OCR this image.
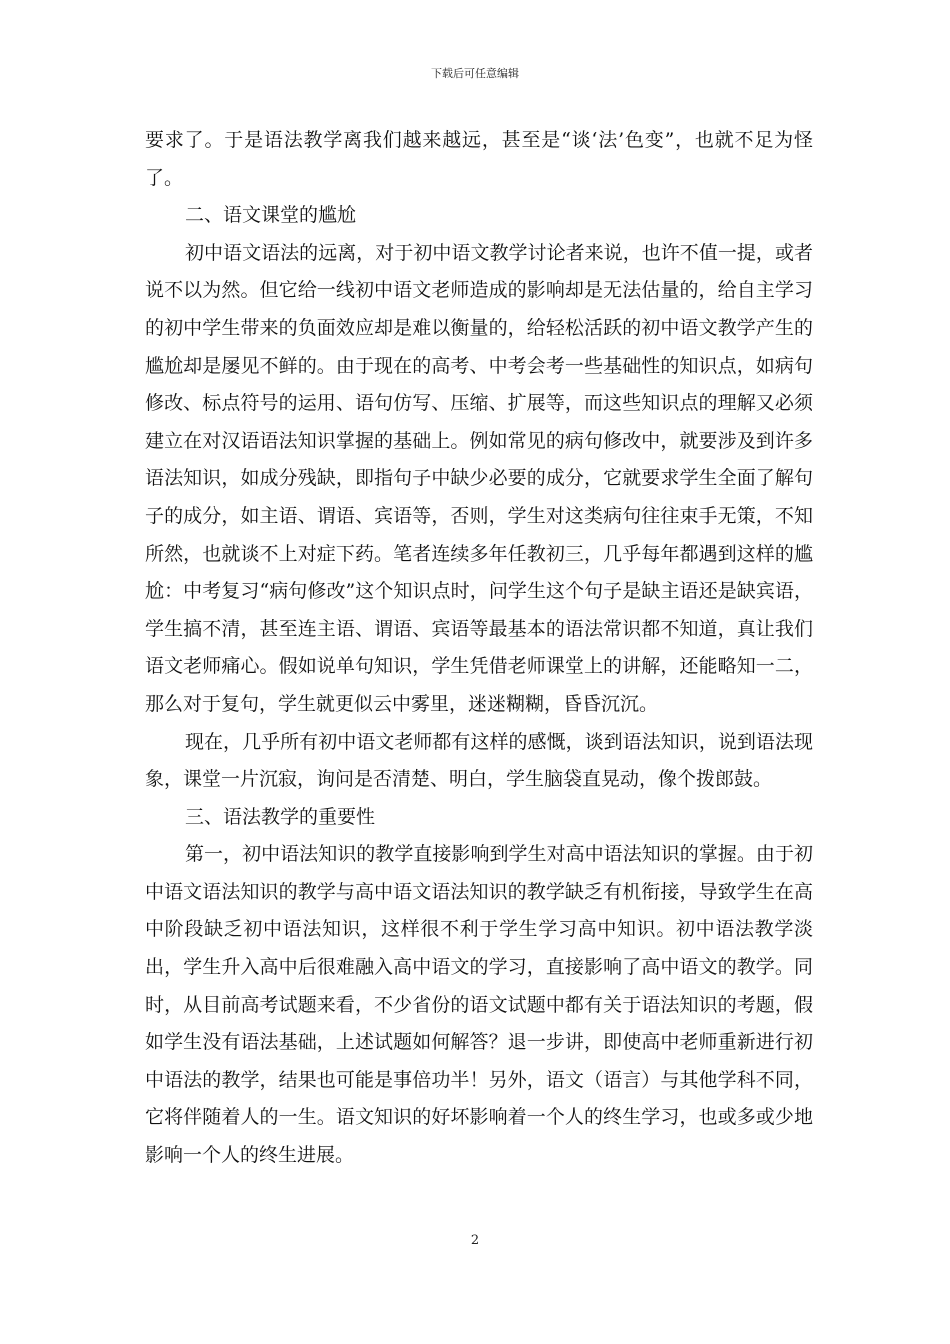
下载后可任意编辑

要求了。于是语法教学离我们越来越远，甚至是“谈‘法’色变”，也就不足为怪了。

二、语文课堂的尴尬

初中语文语法的远离，对于初中语文教学讨论者来说，也许不值一提，或者说不以为然。但它给一线初中语文老师造成的影响却是无法估量的，给自主学习的初中学生带来的负面效应却是难以衡量的，给轻松活跃的初中语文教学产生的尴尬却是屡见不鲜的。由于现在的高考、中考会考一些基础性的知识点，如病句修改、标点符号的运用、语句仿写、压缩、扩展等，而这些知识点的理解又必须建立在对汉语语法知识掌握的基础上。例如常见的病句修改中，就要涉及到许多语法知识，如成分残缺，即指句子中缺少必要的成分，它就要求学生全面了解句子的成分，如主语、谓语、宾语等，否则，学生对这类病句往往束手无策，不知所然，也就谈不上对症下药。笔者连续多年任教初三，几乎每年都遇到这样的尴尬：中考复习“病句修改”这个知识点时，问学生这个句子是缺主语还是缺宾语，学生搞不清，甚至连主语、谓语、宾语等最基本的语法常识都不知道，真让我们语文老师痛心。假如说单句知识，学生凭借老师课堂上的讲解，还能略知一二，那么对于复句，学生就更似云中雾里，迷迷糊糊，昏昏沉沉。

现在，几乎所有初中语文老师都有这样的感慨，谈到语法知识，说到语法现象，课堂一片沉寂，询问是否清楚、明白，学生脑袋直晃动，像个拨郎鼓。

三、语法教学的重要性

第一，初中语法知识的教学直接影响到学生对高中语法知识的掌握。由于初中语文语法知识的教学与高中语文语法知识的教学缺乏有机衔接，导致学生在高中阶段缺乏初中语法知识，这样很不利于学生学习高中知识。初中语法教学淡出，学生升入高中后很难融入高中语文的学习，直接影响了高中语文的教学。同时，从目前高考试题来看，不少省份的语文试题中都有关于语法知识的考题，假如学生没有语法基础，上述试题如何解答？退一步讲，即使高中老师重新进行初中语法的教学，结果也可能是事倍功半！另外，语文（语言）与其他学科不同，它将伴随着人的一生。语文知识的好坏影响着一个人的终生学习，也或多或少地影响一个人的终生进展。

2
